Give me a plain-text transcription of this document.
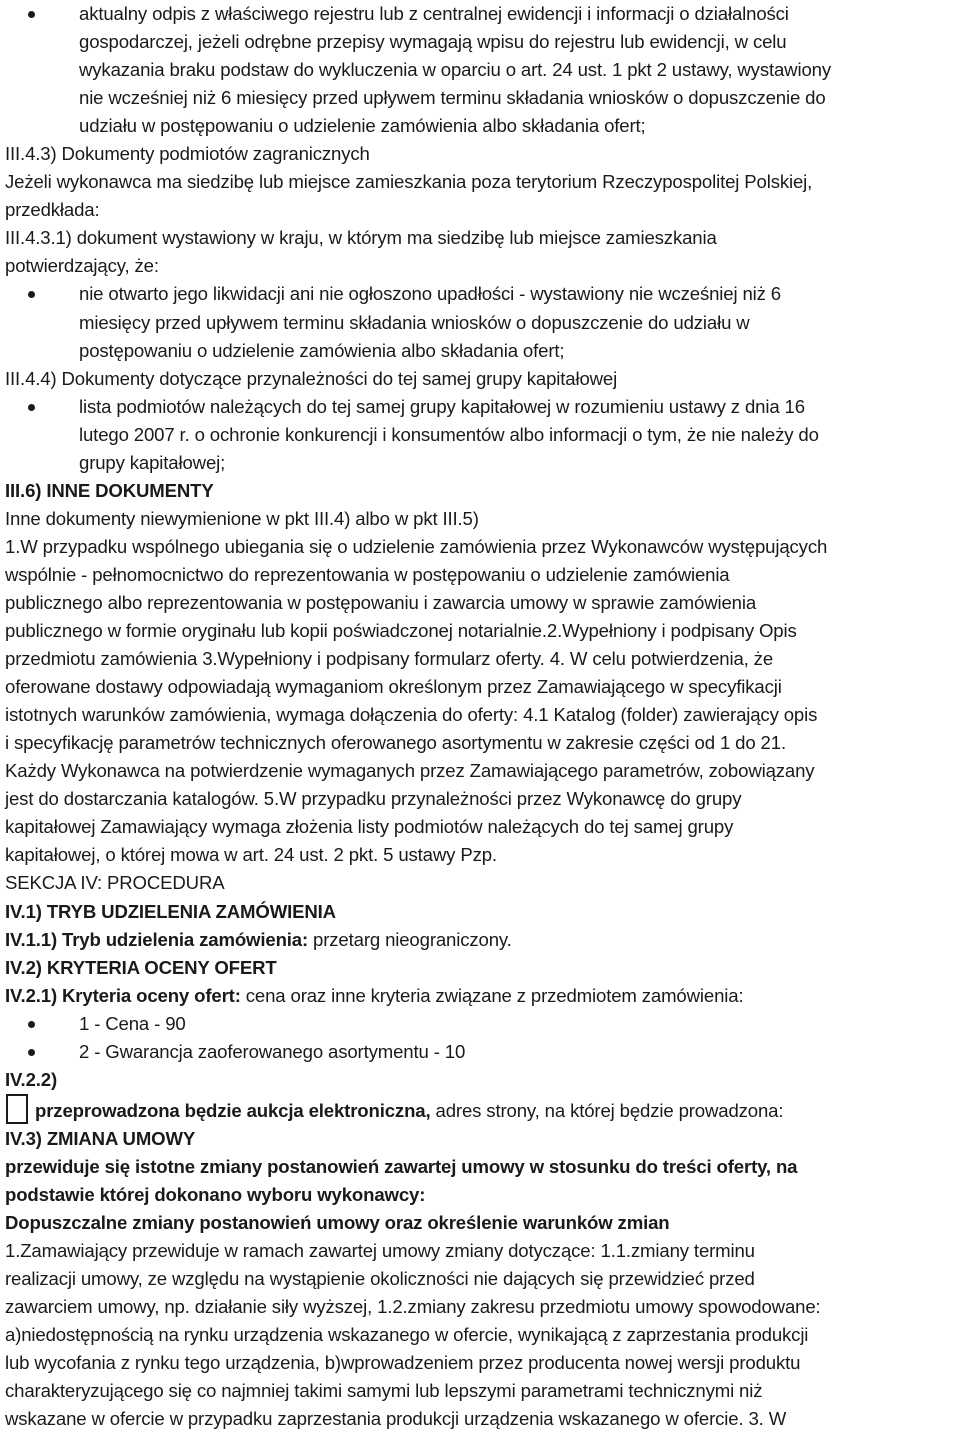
aktualny odpis z właściwego rejestru lub z centralnej ewidencji i informacji o działalności
gospodarczej, jeżeli odrębne przepisy wymagają wpisu do rejestru lub ewidencji, w celu
wykazania braku podstaw do wykluczenia w oparciu o art. 24 ust. 1 pkt 2 ustawy, wystawiony
nie wcześniej niż 6 miesięcy przed upływem terminu składania wniosków o dopuszczenie do
udziału w postępowaniu o udzielenie zamówienia albo składania ofert;

III.4.3) Dokumenty podmiotów zagranicznych

Jeżeli wykonawca ma siedzibę lub miejsce zamieszkania poza terytorium Rzeczypospolitej Polskiej,

przedkłada:

III.4.3.1) dokument wystawiony w kraju, w którym ma siedzibę lub miejsce zamieszkania

potwierdzający, że:

nie otwarto jego likwidacji ani nie ogłoszono upadłości - wystawiony nie wcześniej niż 6
miesięcy przed upływem terminu składania wniosków o dopuszczenie do udziału w
postępowaniu o udzielenie zamówienia albo składania ofert;

III.4.4) Dokumenty dotyczące przynależności do tej samej grupy kapitałowej

lista podmiotów należących do tej samej grupy kapitałowej w rozumieniu ustawy z dnia 16
lutego 2007 r. o ochronie konkurencji i konsumentów albo informacji o tym, że nie należy do
grupy kapitałowej;

III.6) INNE DOKUMENTY

Inne dokumenty niewymienione w pkt III.4) albo w pkt III.5)

1.W przypadku wspólnego ubiegania się o udzielenie zamówienia przez Wykonawców występujących

wspólnie - pełnomocnictwo do reprezentowania w postępowaniu o udzielenie zamówienia

publicznego albo reprezentowania w postępowaniu i zawarcia umowy w sprawie zamówienia

publicznego w formie oryginału lub kopii poświadczonej notarialnie.2.Wypełniony i podpisany Opis

przedmiotu zamówienia 3.Wypełniony i podpisany formularz oferty. 4. W celu potwierdzenia, że

oferowane dostawy odpowiadają wymaganiom określonym przez Zamawiającego w specyfikacji

istotnych warunków zamówienia, wymaga dołączenia do oferty: 4.1 Katalog (folder) zawierający opis

i specyfikację parametrów technicznych oferowanego asortymentu w zakresie części od 1 do 21.

Każdy Wykonawca na potwierdzenie wymaganych przez Zamawiającego parametrów, zobowiązany

jest do dostarczania katalogów. 5.W przypadku przynależności przez Wykonawcę do grupy

kapitałowej Zamawiający wymaga złożenia listy podmiotów należących do tej samej grupy

kapitałowej, o której mowa w art. 24 ust. 2 pkt. 5 ustawy Pzp.

SEKCJA IV: PROCEDURA

IV.1) TRYB UDZIELENIA ZAMÓWIENIA

IV.1.1) Tryb udzielenia zamówienia: przetarg nieograniczony.

IV.2) KRYTERIA OCENY OFERT

IV.2.1) Kryteria oceny ofert: cena oraz inne kryteria związane z przedmiotem zamówienia:

1 - Cena - 90
2 - Gwarancja zaoferowanego asortymentu - 10

IV.2.2)

przeprowadzona będzie aukcja elektroniczna, adres strony, na której będzie prowadzona:

IV.3) ZMIANA UMOWY

przewiduje się istotne zmiany postanowień zawartej umowy w stosunku do treści oferty, na

podstawie której dokonano wyboru wykonawcy:

Dopuszczalne zmiany postanowień umowy oraz określenie warunków zmian

1.Zamawiający przewiduje w ramach zawartej umowy zmiany dotyczące: 1.1.zmiany terminu

realizacji umowy, ze względu na wystąpienie okoliczności nie dających się przewidzieć przed

zawarciem umowy, np. działanie siły wyższej, 1.2.zmiany zakresu przedmiotu umowy spowodowane:

a)niedostępnością na rynku urządzenia wskazanego w ofercie, wynikającą z zaprzestania produkcji

lub wycofania z rynku tego urządzenia, b)wprowadzeniem przez producenta nowej wersji produktu

charakteryzującego się co najmniej takimi samymi lub lepszymi parametrami technicznymi niż

wskazane w ofercie w przypadku zaprzestania produkcji urządzenia wskazanego w ofercie. 3. W
